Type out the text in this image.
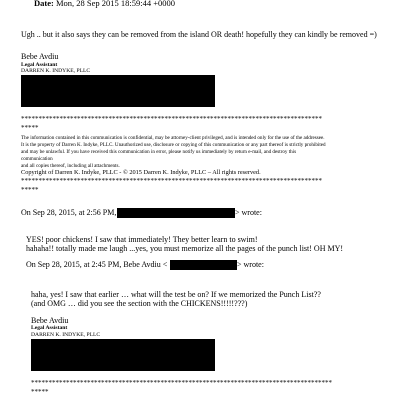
Date: Mon, 28 Sep 2015 18:59:44 +0000
Ugh .. but it also says they can be removed from the island OR death! hopefully they can kindly be removed =)
Bebe Avdiu
Legal Assistant
DARREN K. INDYKE, PLLC
**************************************************************************************
*****
The information contained in this communication is confidential, may be attorney-client privileged, and is intended only for the use of the addressee.
It is the property of Darren K. Indyke, PLLC. Unauthorized use, disclosure or copying of this communication or any part thereof is strictly prohibited
and may be unlawful. If you have received this communication in error, please notify us immediately by return e-mail, and destroy this
communication
and all copies thereof, including all attachments.
Copyright of Darren K. Indyke, PLLC - © 2015 Darren K. Indyke, PLLC – All rights reserved.
**************************************************************************************
*****
On Sep 28, 2015, at 2:56 PM,	> wrote:
YES! poor chickens! I saw that immediately! They better learn to swim!
hahaha!! totally made me laugh ...yes, you must memorize all the pages of the punch list! OH MY!
On Sep 28, 2015, at 2:45 PM, Bebe Avdiu <	> wrote:
haha, yes! I saw that earlier … what will the test be on? If we memorized the Punch List??
(and OMG … did you see the section with the CHICKENS!!!!!???)
Bebe Avdiu
Legal Assistant
DARREN K. INDYKE, PLLC
**************************************************************************************
*****
